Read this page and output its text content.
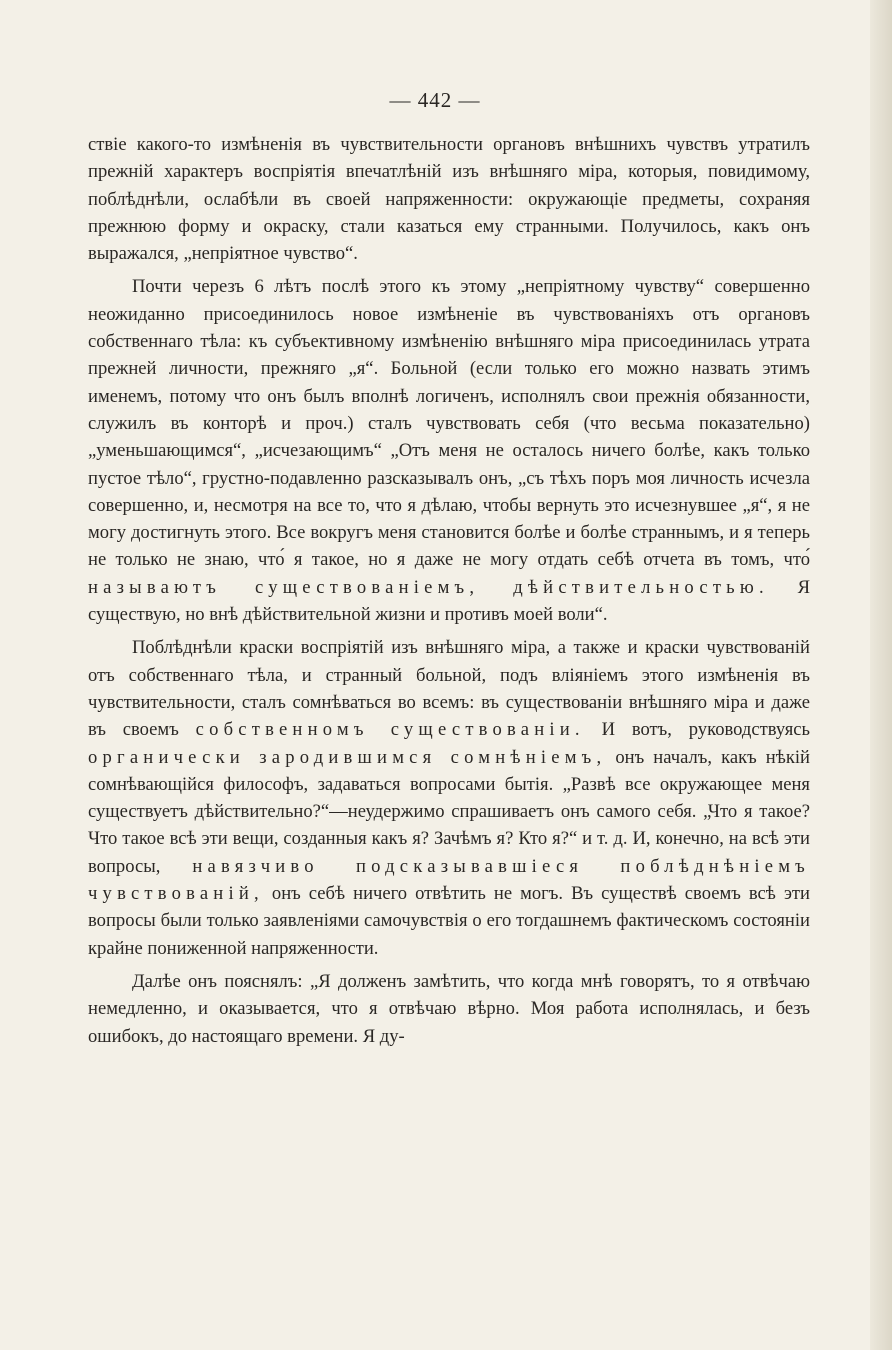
— 442 —

ствіе какого-то измѣненія въ чувствительности органовъ внѣшнихъ чувствъ утратилъ прежній характеръ воспріятія впечатлѣній изъ внѣшняго міра, которыя, повидимому, поблѣднѣли, ослабѣли въ своей напряженности: окружающіе предметы, сохраняя прежнюю форму и окраску, стали казаться ему странными. Получилось, какъ онъ выражался, „непріятное чувство“.

Почти черезъ 6 лѣтъ послѣ этого къ этому „непріятному чувству“ совершенно неожиданно присоединилось новое измѣненіе въ чувствованіяхъ отъ органовъ собственнаго тѣла: къ субъективному измѣненію внѣшняго міра присоединилась утрата прежней личности, прежняго „я“. Больной (если только его можно назвать этимъ именемъ, потому что онъ былъ вполнѣ логиченъ, исполнялъ свои прежнія обязанности, служилъ въ конторѣ и проч.) сталъ чувствовать себя (что весьма показательно) „уменьшающимся“, „исчезающимъ“ „Отъ меня не осталось ничего болѣе, какъ только пустое тѣло“, грустно-подавленно разсказывалъ онъ, „съ тѣхъ поръ моя личность исчезла совершенно, и, несмотря на все то, что я дѣлаю, чтобы вернуть это исчезнувшее „я“, я не могу достигнуть этого. Все вокругъ меня становится болѣе и болѣе страннымъ, и я теперь не только не знаю, что́ я такое, но я даже не могу отдать себѣ отчета въ томъ, что́ называютъ существованіемъ, дѣйствительностью. Я существую, но внѣ дѣйствительной жизни и противъ моей воли“.

Поблѣднѣли краски воспріятій изъ внѣшняго міра, а также и краски чувствованій отъ собственнаго тѣла, и странный больной, подъ вліяніемъ этого измѣненія въ чувствительности, сталъ сомнѣваться во всемъ: въ существованіи внѣшняго міра и даже въ своемъ собственномъ существованіи. И вотъ, руководствуясь органически зародившимся сомнѣніемъ, онъ началъ, какъ нѣкій сомнѣвающійся философъ, задаваться вопросами бытія. „Развѣ все окружающее меня существуетъ дѣйствительно?“—неудержимо спрашиваетъ онъ самого себя. „Что я такое? Что такое всѣ эти вещи, созданныя какъ я? Зачѣмъ я? Кто я?“ и т. д. И, конечно, на всѣ эти вопросы, навязчиво подсказывавшіеся поблѣднѣніемъ чувствованій, онъ себѣ ничего отвѣтить не могъ. Въ существѣ своемъ всѣ эти вопросы были только заявленіями самочувствія о его тогдашнемъ фактическомъ состояніи крайне пониженной напряженности.

Далѣе онъ пояснялъ: „Я долженъ замѣтить, что когда мнѣ говорятъ, то я отвѣчаю немедленно, и оказывается, что я отвѣчаю вѣрно. Моя работа исполнялась, и безъ ошибокъ, до настоящаго времени. Я ду-
